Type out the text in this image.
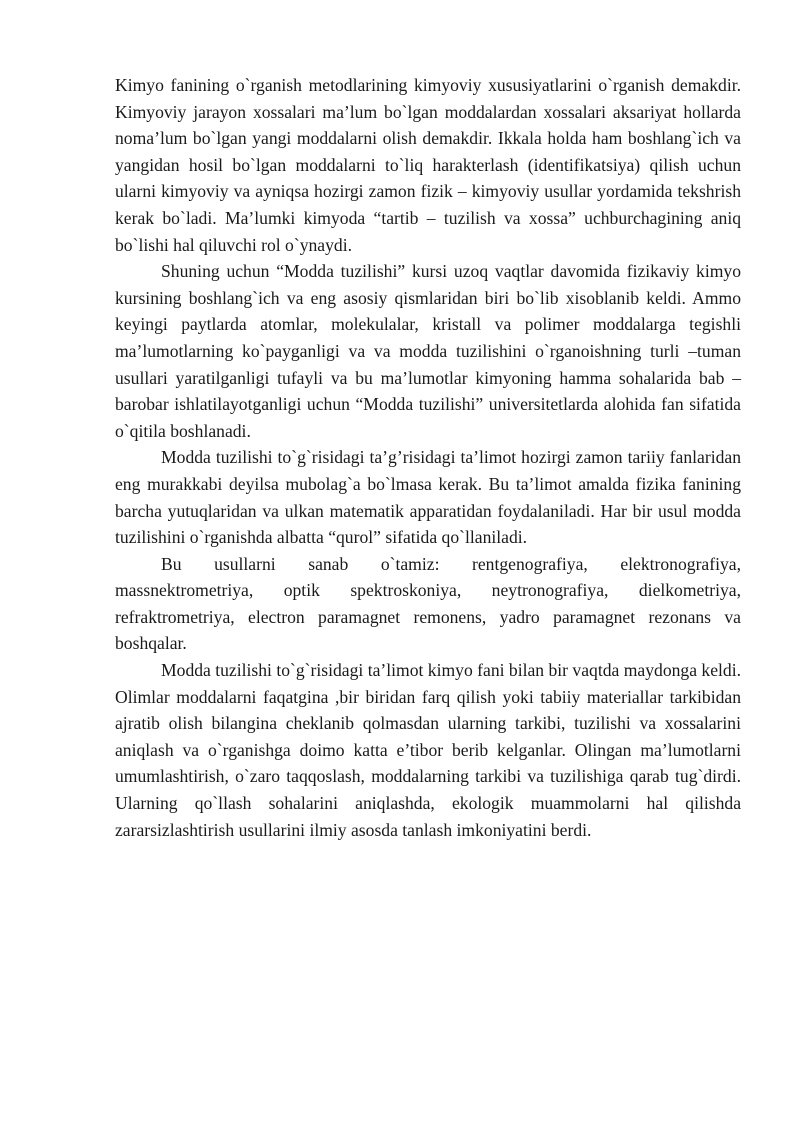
Kimyo fanining o`rganish metodlarining kimyoviy xususiyatlarini o`rganish demakdir. Kimyoviy jarayon xossalari ma’lum bo`lgan moddalardan xossalari aksariyat hollarda noma’lum bo`lgan yangi moddalarni olish demakdir. Ikkala holda ham boshlang`ich va yangidan hosil bo`lgan moddalarni to`liq harakterlash (identifikatsiya) qilish uchun ularni kimyoviy va ayniqsa hozirgi zamon fizik – kimyoviy usullar yordamida tekshrish kerak bo`ladi. Ma’lumki kimyoda “tartib – tuzilish va xossa” uchburchagining aniq bo`lishi hal qiluvchi rol o`ynaydi.

Shuning uchun “Modda tuzilishi” kursi uzoq vaqtlar davomida fizikaviy kimyo kursining boshlang`ich va eng asosiy qismlaridan biri bo`lib xisoblanib keldi. Ammo keyingi paytlarda atomlar, molekulalar, kristall va polimer moddalarga tegishli ma’lumotlarning ko`payganligi va va modda tuzilishini o`rganoishning turli –tuman usullari yaratilganligi tufayli va bu ma’lumotlar kimyoning hamma sohalarida bab –barobar ishlatilayotganligi uchun “Modda tuzilishi” universitetlarda alohida fan sifatida o`qitila boshlanadi.

Modda tuzilishi to`g`risidagi ta’g’risidagi ta’limot hozirgi zamon tariiy fanlaridan eng murakkabi deyilsa mubolag`a bo`lmasa kerak. Bu ta’limot amalda fizika fanining barcha yutuqlaridan va ulkan matematik apparatidan foydalaniladi. Har bir usul modda tuzilishini o`rganishda albatta “qurol” sifatida qo`llaniladi.

Bu usullarni sanab o`tamiz: rentgenografiya, elektronografiya, massnektrometriya, optik spektroskoniya, neytronografiya, dielkometriya, refraktrometriya, electron paramagnet remonens, yadro paramagnet rezonans va boshqalar.

Modda tuzilishi to`g`risidagi ta’limot kimyo fani bilan bir vaqtda maydonga keldi. Olimlar moddalarni faqatgina ,bir biridan farq qilish yoki tabiiy materiallar tarkibidan ajratib olish bilangina cheklanib qolmasdan ularning tarkibi, tuzilishi va xossalarini aniqlash va o`rganishga doimo katta e’tibor berib kelganlar. Olingan ma’lumotlarni umumlashtirish, o`zaro taqqoslash, moddalarning tarkibi va tuzilishiga qarab tug`dirdi. Ularning qo`llash sohalarini aniqlashda, ekologik muammolarni hal qilishda zararsizlashtirish usullarini ilmiy asosda tanlash imkoniyatini berdi.
